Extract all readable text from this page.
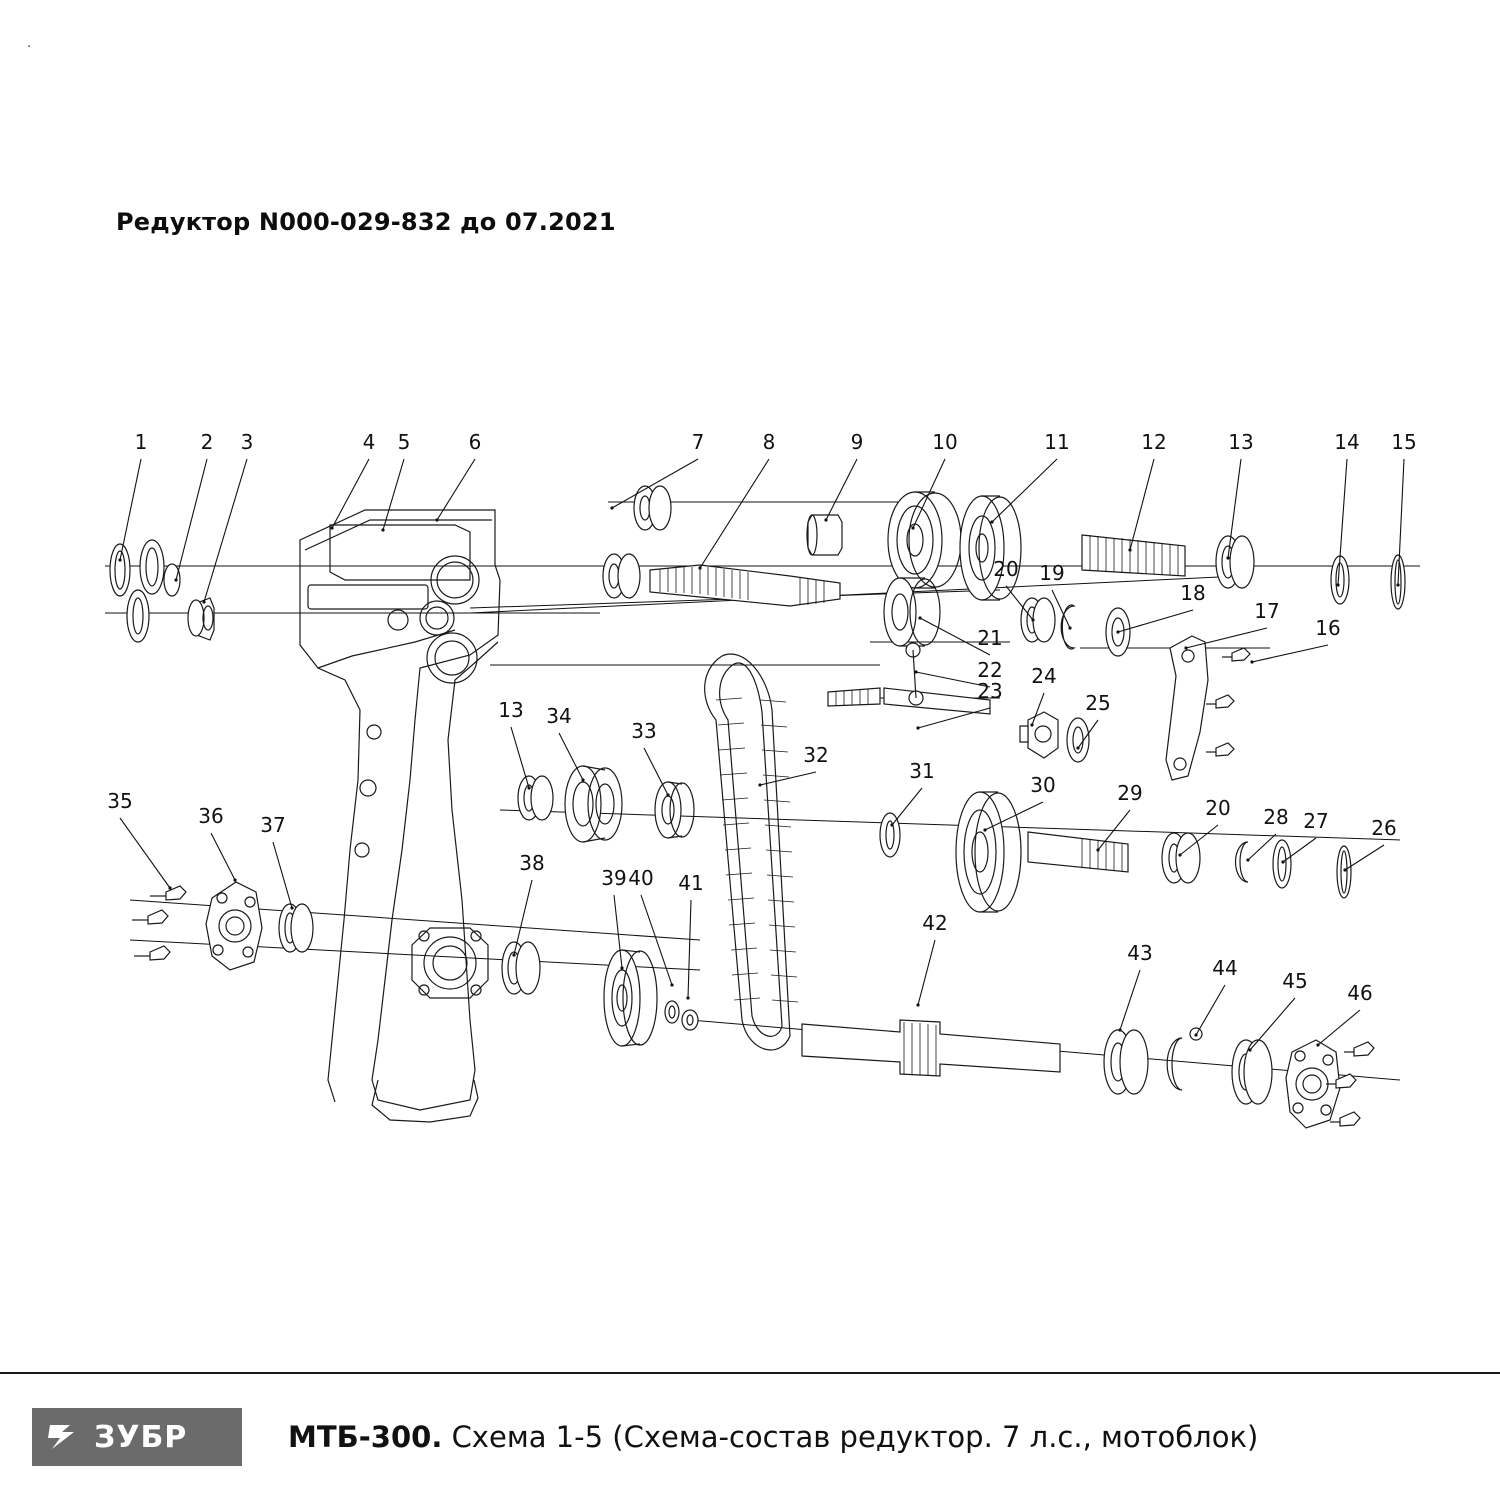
.
Редуктор N000-029-832 до 07.2021
1	2 3	4 5	6	7	8	9	10	11	12	13	14 15
20 19
18
17
16
21
22
23
24
25
13 34
33
32
31
30	29
20 28 27 26
35
36 37
38
39 40 41
42
43
44
45 46
ЗУБР	МТБ-300. Схема 1-5 (Схема-состав редуктор. 7 л.с., мотоблок)
